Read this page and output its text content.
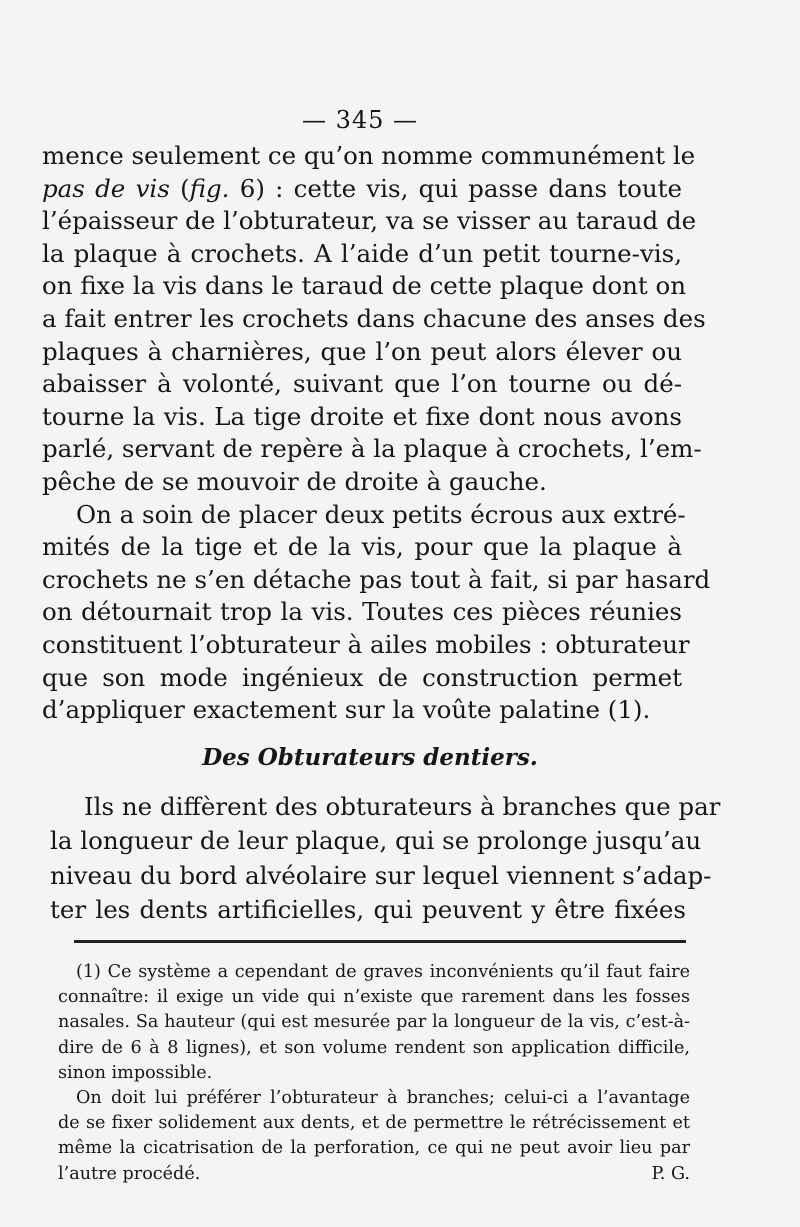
— 345 —
mence seulement ce qu’on nomme communément le
pas de vis (fig. 6) : cette vis, qui passe dans toute
l’épaisseur de l’obturateur, va se visser au taraud de
la plaque à crochets. A l’aide d’un petit tourne-vis,
on fixe la vis dans le taraud de cette plaque dont on
a fait entrer les crochets dans chacune des anses des
plaques à charnières, que l’on peut alors élever ou
abaisser à volonté, suivant que l’on tourne ou dé-
tourne la vis. La tige droite et fixe dont nous avons
parlé, servant de repère à la plaque à crochets, l’em-
pêche de se mouvoir de droite à gauche.
On a soin de placer deux petits écrous aux extré-
mités de la tige et de la vis, pour que la plaque à
crochets ne s’en détache pas tout à fait, si par hasard
on détournait trop la vis. Toutes ces pièces réunies
constituent l’obturateur à ailes mobiles : obturateur
que son mode ingénieux de construction permet
d’appliquer exactement sur la voûte palatine (1).
Des Obturateurs dentiers.
Ils ne diffèrent des obturateurs à branches que par
la longueur de leur plaque, qui se prolonge jusqu’au
niveau du bord alvéolaire sur lequel viennent s’adap-
ter les dents artificielles, qui peuvent y être fixées
(1) Ce système a cependant de graves inconvénients qu’il faut faire
connaître: il exige un vide qui n’existe que rarement dans les fosses
nasales. Sa hauteur (qui est mesurée par la longueur de la vis, c’est-à-
dire de 6 à 8 lignes), et son volume rendent son application difficile,
sinon impossible.
On doit lui préférer l’obturateur à branches; celui-ci a l’avantage
de se fixer solidement aux dents, et de permettre le rétrécissement et
même la cicatrisation de la perforation, ce qui ne peut avoir lieu par
l’autre procédé.	P. G.
